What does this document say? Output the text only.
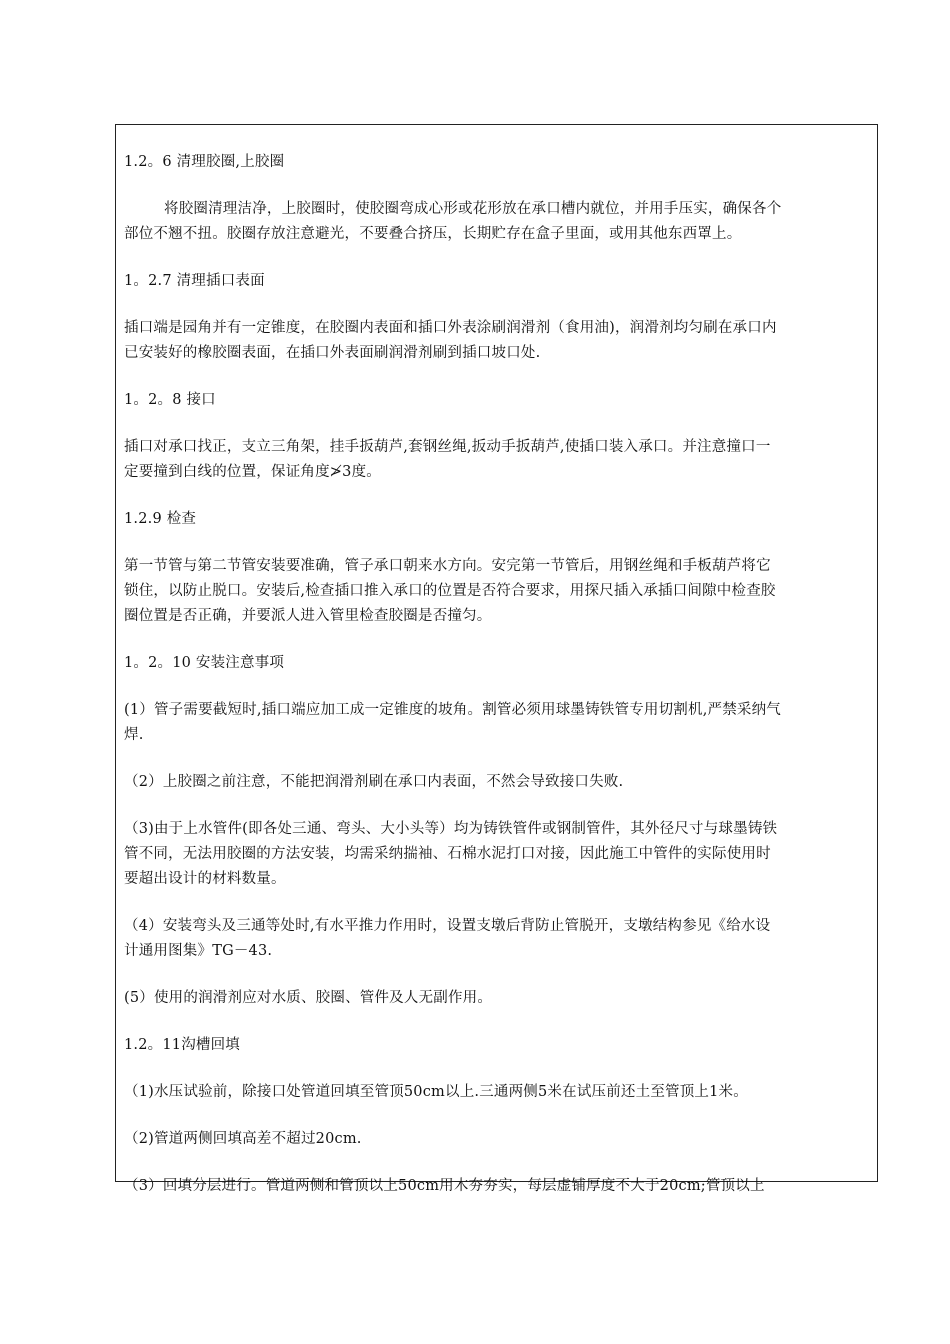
1.2。6 清理胶圈,上胶圈

将胶圈清理洁净，上胶圈时，使胶圈弯成心形或花形放在承口槽内就位，并用手压实，确保各个

部位不翘不扭。胶圈存放注意避光，不要叠合挤压，长期贮存在盒子里面，或用其他东西罩上。

1。2.7 清理插口表面

插口端是园角并有一定锥度，在胶圈内表面和插口外表涂刷润滑剂（食用油)，润滑剂均匀刷在承口内

已安装好的橡胶圈表面，在插口外表面刷润滑剂刷到插口坡口处.

1。2。8 接口

插口对承口找正，支立三角架，挂手扳葫芦,套钢丝绳,扳动手扳葫芦,使插口装入承口。并注意撞口一

定要撞到白线的位置，保证角度≯3度。

1.2.9 检查

第一节管与第二节管安装要准确，管子承口朝来水方向。安完第一节管后，用钢丝绳和手板葫芦将它

锁住，以防止脱口。安装后,检查插口推入承口的位置是否符合要求，用探尺插入承插口间隙中检查胶

圈位置是否正确，并要派人进入管里检查胶圈是否撞匀。

1。2。10 安装注意事项

(1）管子需要截短时,插口端应加工成一定锥度的坡角。割管必须用球墨铸铁管专用切割机,严禁采纳气

焊.

（2）上胶圈之前注意，不能把润滑剂刷在承口内表面，不然会导致接口失败.

（3)由于上水管件(即各处三通、弯头、大小头等）均为铸铁管件或钢制管件，其外径尺寸与球墨铸铁

管不同，无法用胶圈的方法安装，均需采纳揣袖、石棉水泥打口对接，因此施工中管件的实际使用时

要超出设计的材料数量。

（4）安装弯头及三通等处时,有水平推力作用时，设置支墩后背防止管脱开，支墩结构参见《给水设

计通用图集》TG－43.

(5）使用的润滑剂应对水质、胶圈、管件及人无副作用。

1.2。11沟槽回填

（1)水压试验前，除接口处管道回填至管顶50cm以上.三通两侧5米在试压前还土至管顶上1米。

（2)管道两侧回填高差不超过20cm.

（3）回填分层进行。管道两侧和管顶以上50cm用木夯夯实，每层虚铺厚度不大于20cm;管顶以上
